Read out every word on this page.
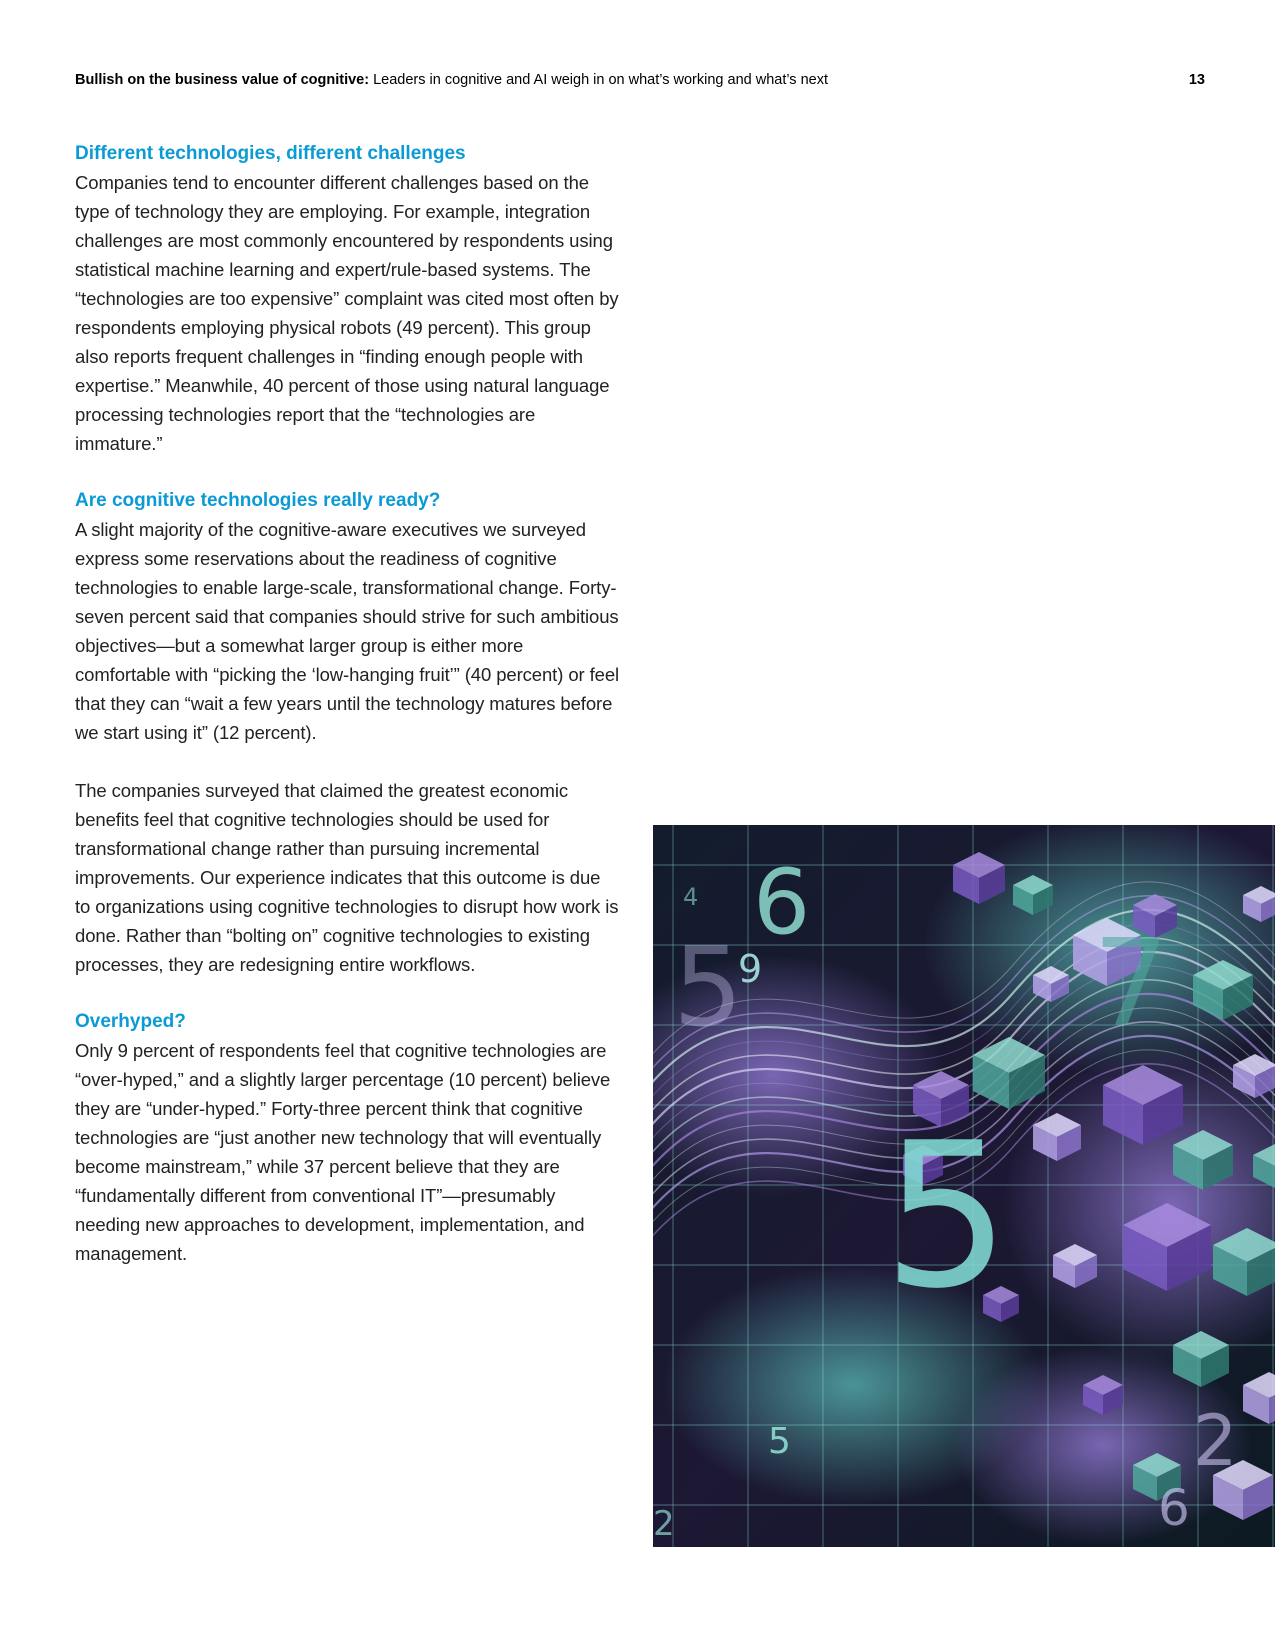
Bullish on the business value of cognitive: Leaders in cognitive and AI weigh in on what’s working and what’s next	13
Different technologies, different challenges

Companies tend to encounter different challenges based on the type of technology they are employing. For example, integration challenges are most commonly encountered by respondents using statistical machine learning and expert/rule-based systems. The “technologies are too expensive” complaint was cited most often by respondents employing physical robots (49 percent). This group also reports frequent challenges in “finding enough people with expertise.” Meanwhile, 40 percent of those using natural language processing technologies report that the “technologies are immature.”

Are cognitive technologies really ready?

A slight majority of the cognitive-aware executives we surveyed express some reservations about the readiness of cognitive technologies to enable large-scale, transformational change. Forty-seven percent said that companies should strive for such ambitious objectives—but a somewhat larger group is either more comfortable with “picking the ‘low-hanging fruit’” (40 percent) or feel that they can “wait a few years until the technology matures before we start using it” (12 percent).

The companies surveyed that claimed the greatest economic benefits feel that cognitive technologies should be used for transformational change rather than pursuing incremental improvements. Our experience indicates that this outcome is due to organizations using cognitive technologies to disrupt how work is done. Rather than “bolting on” cognitive technologies to existing processes, they are redesigning entire workflows.

Overhyped?

Only 9 percent of respondents feel that cognitive technologies are “over-hyped,” and a slightly larger percentage (10 percent) believe they are “under-hyped.” Forty-three percent think that cognitive technologies are “just another new technology that will eventually become mainstream,” while 37 percent believe that they are “fundamentally different from conventional IT”—presumably needing new approaches to development, implementation, and management.

6
9	7
5
5	2
6
5
4
2
